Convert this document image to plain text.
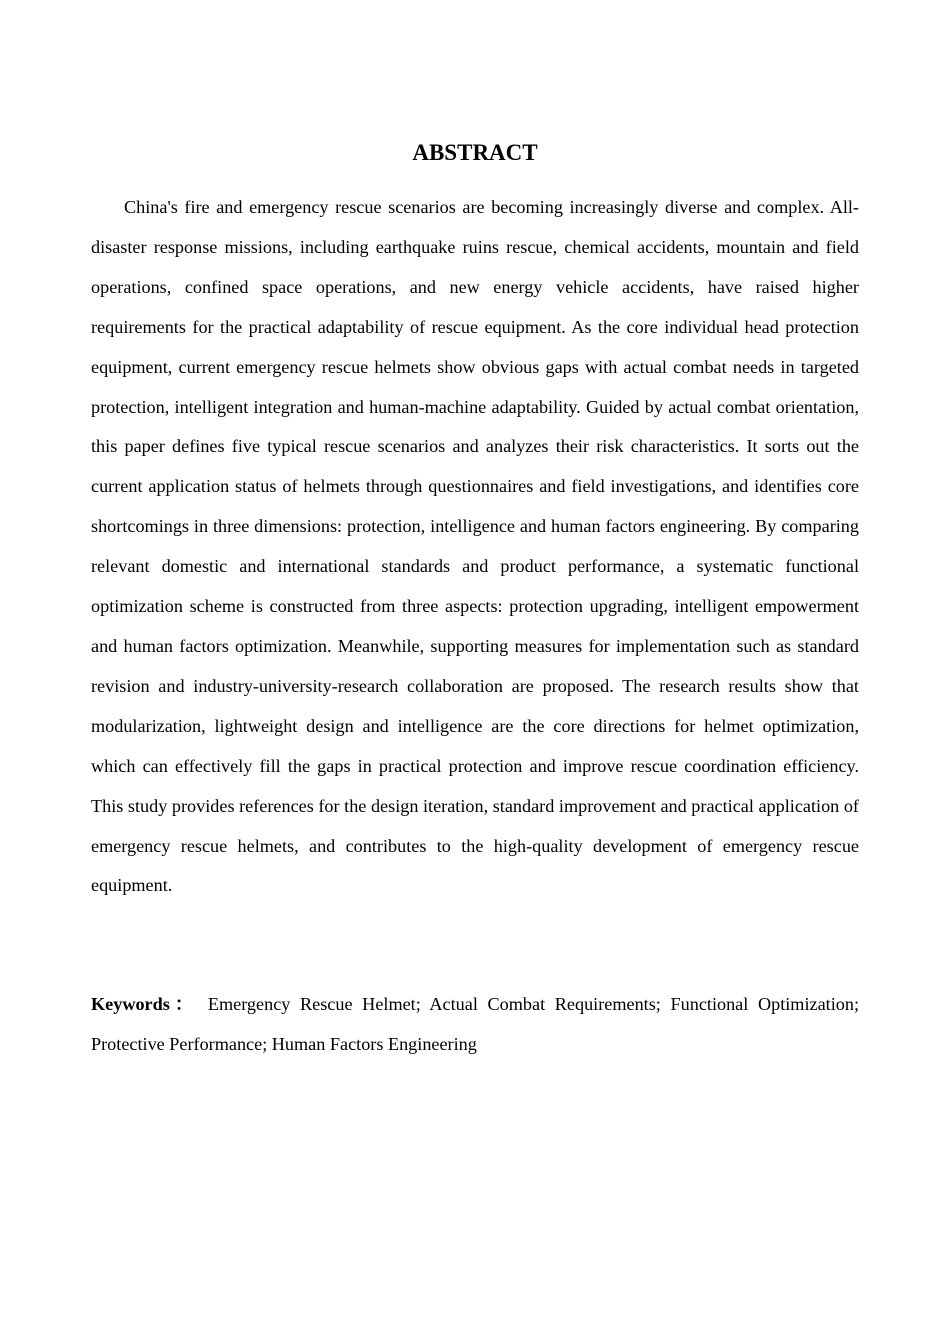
ABSTRACT

China's fire and emergency rescue scenarios are becoming increasingly diverse and complex. All-disaster response missions, including earthquake ruins rescue, chemical accidents, mountain and field operations, confined space operations, and new energy vehicle accidents, have raised higher requirements for the practical adaptability of rescue equipment. As the core individual head protection equipment, current emergency rescue helmets show obvious gaps with actual combat needs in targeted protection, intelligent integration and human-machine adaptability. Guided by actual combat orientation, this paper defines five typical rescue scenarios and analyzes their risk characteristics. It sorts out the current application status of helmets through questionnaires and field investigations, and identifies core shortcomings in three dimensions: protection, intelligence and human factors engineering. By comparing relevant domestic and international standards and product performance, a systematic functional optimization scheme is constructed from three aspects: protection upgrading, intelligent empowerment and human factors optimization. Meanwhile, supporting measures for implementation such as standard revision and industry-university-research collaboration are proposed. The research results show that modularization, lightweight design and intelligence are the core directions for helmet optimization, which can effectively fill the gaps in practical protection and improve rescue coordination efficiency. This study provides references for the design iteration, standard improvement and practical application of emergency rescue helmets, and contributes to the high-quality development of emergency rescue equipment.

Keywords： Emergency Rescue Helmet; Actual Combat Requirements; Functional Optimization; Protective Performance; Human Factors Engineering
